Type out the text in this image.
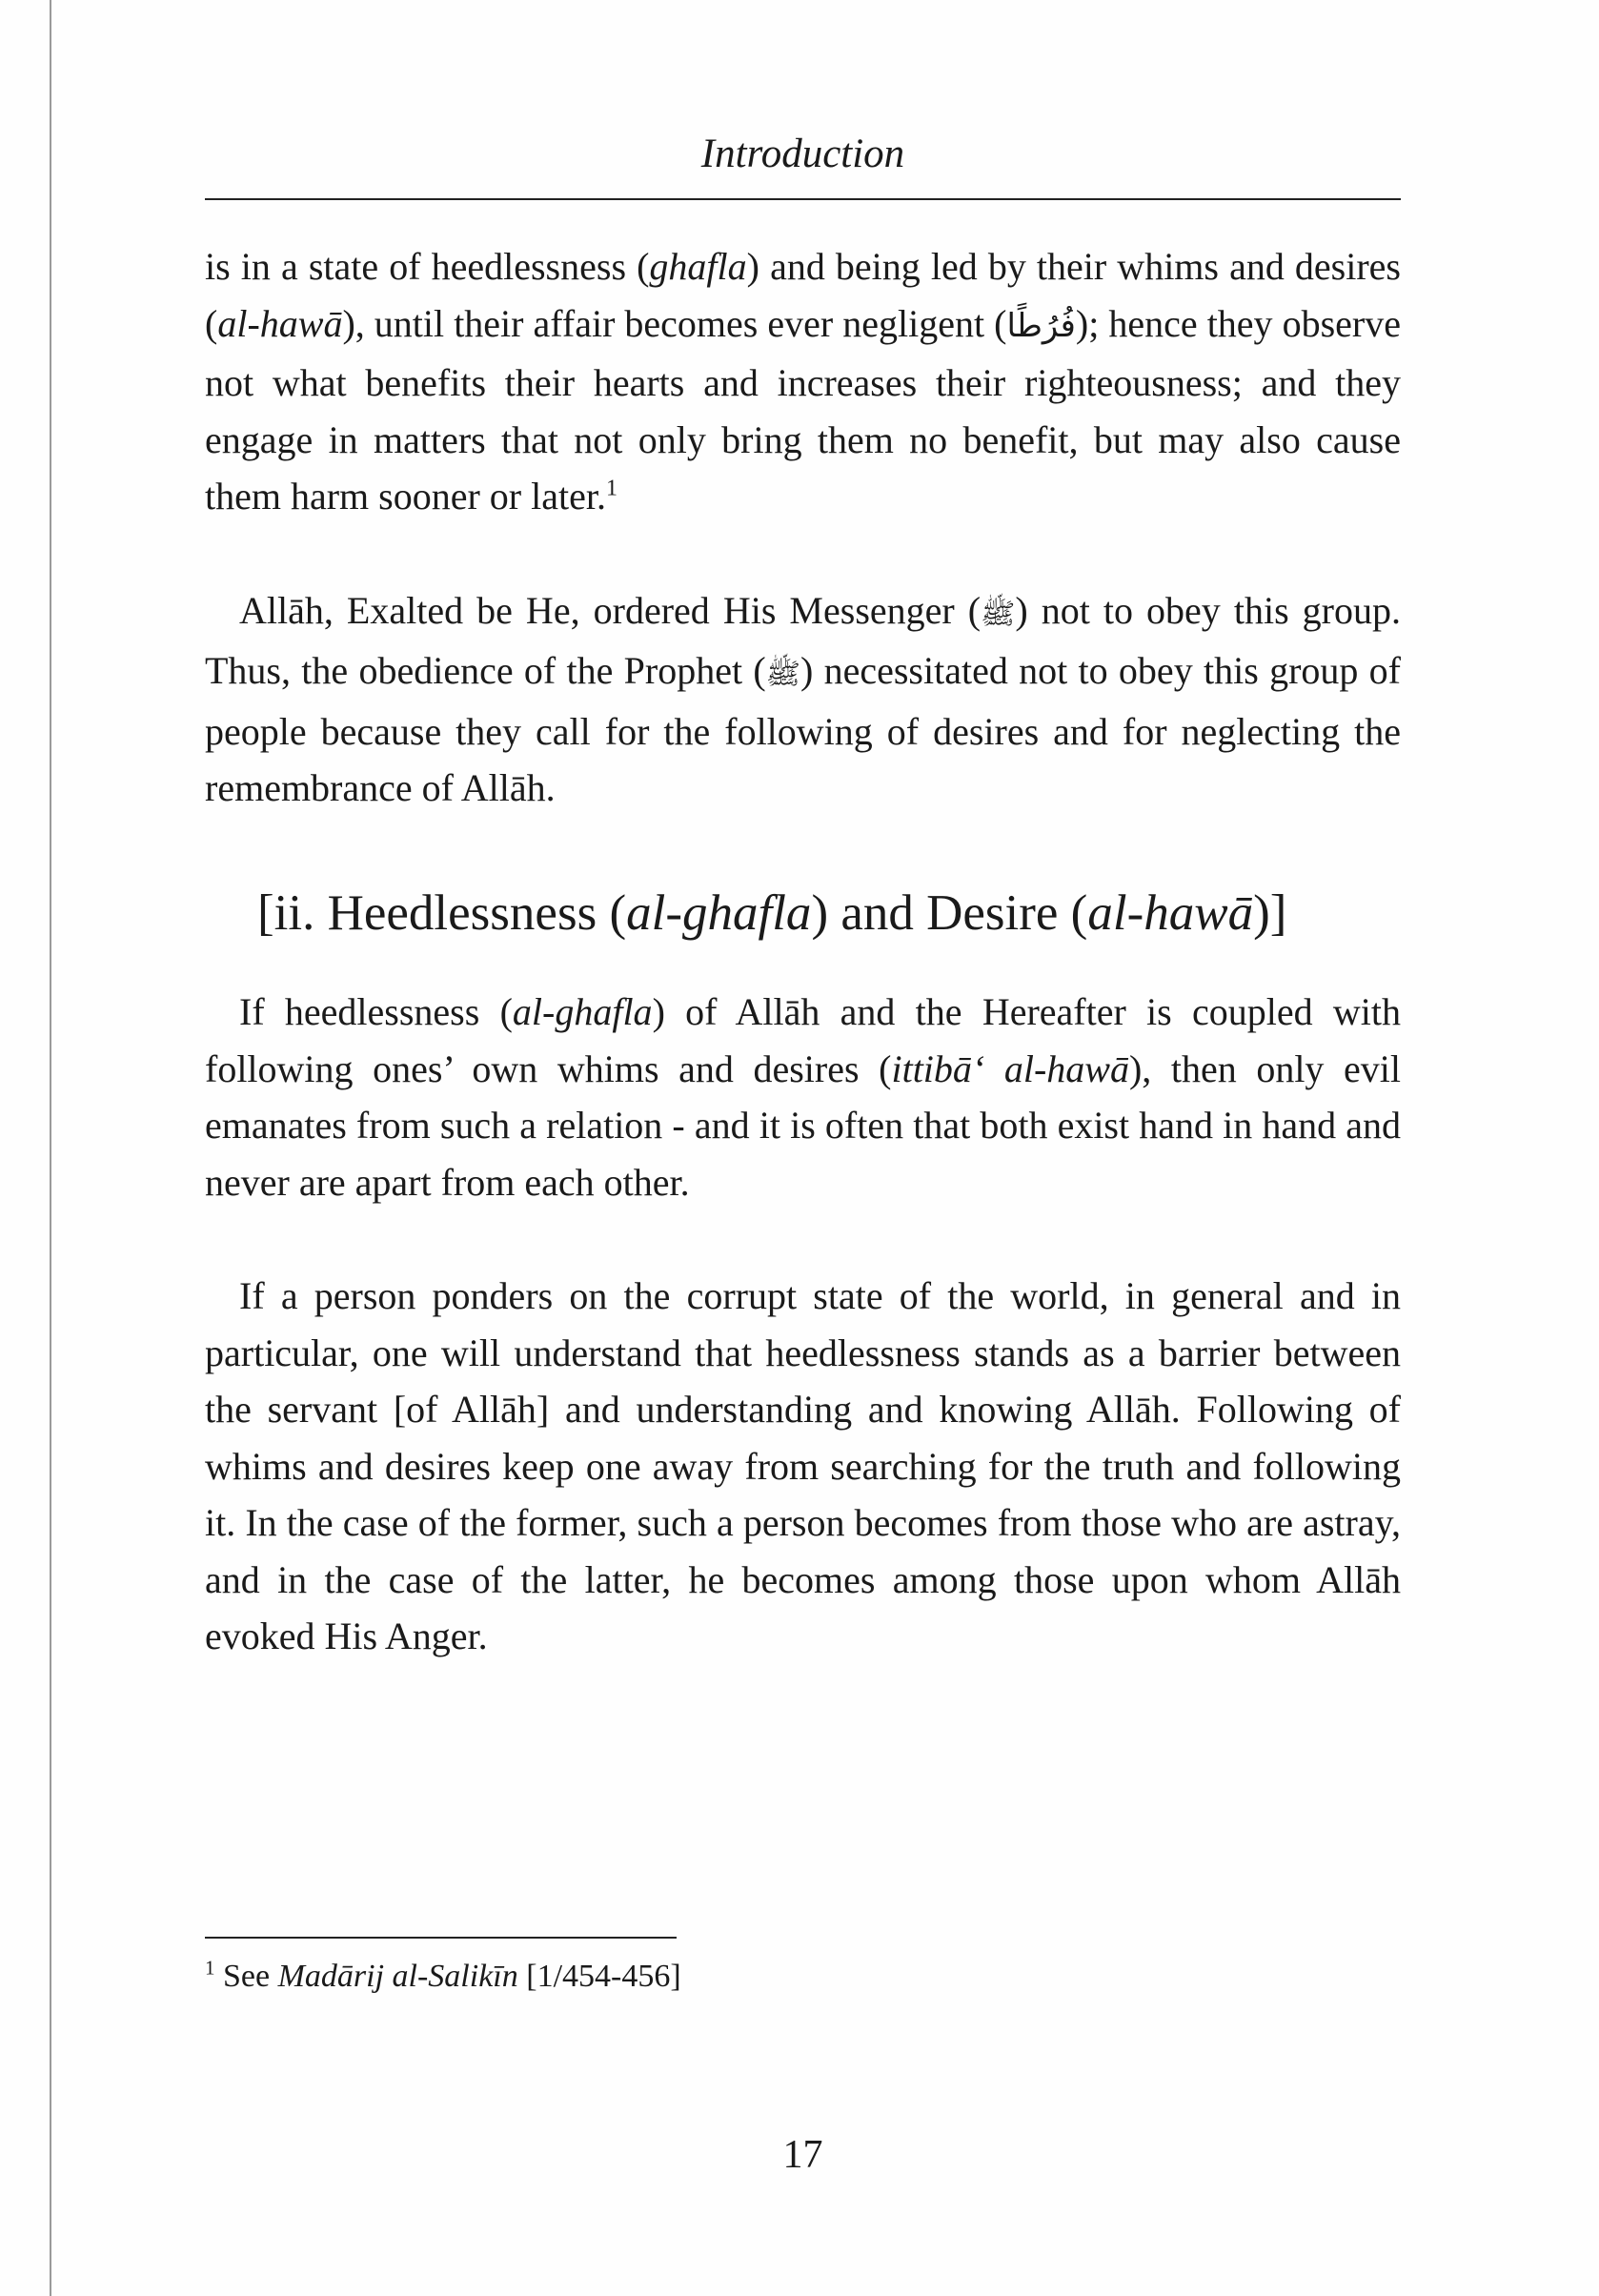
Introduction

is in a state of heedlessness (ghafla) and being led by their whims and desires (al-hawā), until their affair becomes ever negligent (فُرُطًا); hence they observe not what benefits their hearts and increases their righteousness; and they engage in matters that not only bring them no benefit, but may also cause them harm sooner or later.$^1$

Allāh, Exalted be He, ordered His Messenger (ﷺ) not to obey this group. Thus, the obedience of the Prophet (ﷺ) necessitated not to obey this group of people because they call for the following of desires and for neglecting the remembrance of Allāh.

[ii. Heedlessness (al-ghafla) and Desire (al-hawā)]

If heedlessness (al-ghafla) of Allāh and the Hereafter is coupled with following ones’ own whims and desires (ittibā‘ al-hawā), then only evil emanates from such a relation - and it is often that both exist hand in hand and never are apart from each other.

If a person ponders on the corrupt state of the world, in general and in particular, one will understand that heedlessness stands as a barrier between the servant [of Allāh] and understanding and knowing Allāh. Following of whims and desires keep one away from searching for the truth and following it. In the case of the former, such a person becomes from those who are astray, and in the case of the latter, he becomes among those upon whom Allāh evoked His Anger.

$^1$ See Madārij al-Salikīn [1/454-456]
17
